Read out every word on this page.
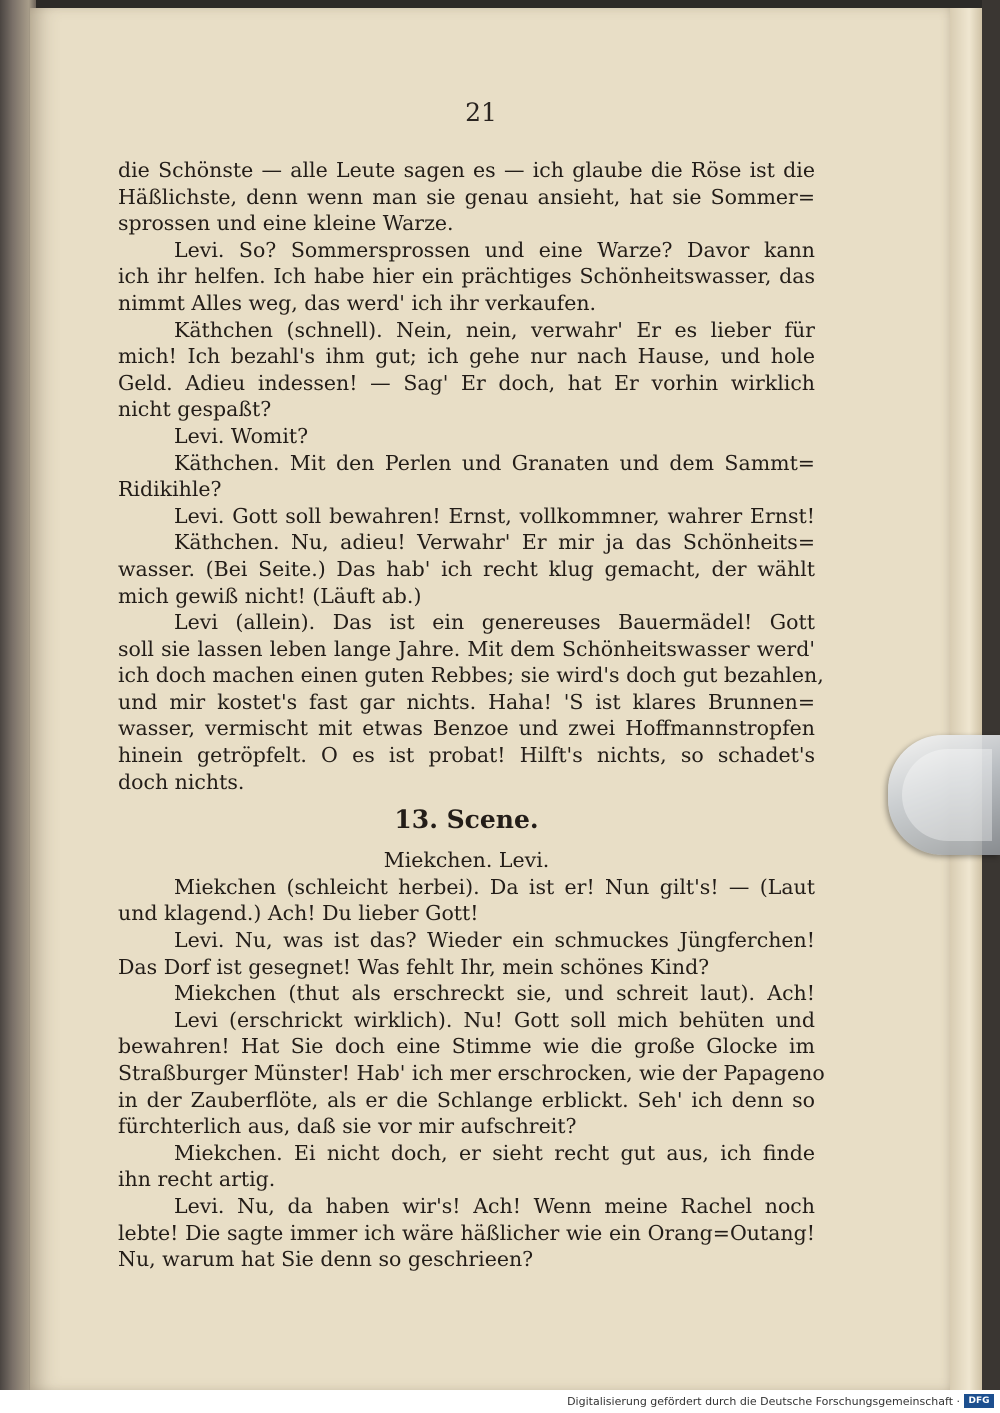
21
die Schönste — alle Leute sagen es — ich glaube die Röse ist die
Häßlichste, denn wenn man sie genau ansieht, hat sie Sommer=
sprossen und eine kleine Warze.
Levi. So? Sommersprossen und eine Warze? Davor kann
ich ihr helfen. Ich habe hier ein prächtiges Schönheitswasser, das
nimmt Alles weg, das werd' ich ihr verkaufen.
Käthchen (schnell). Nein, nein, verwahr' Er es lieber für
mich! Ich bezahl's ihm gut; ich gehe nur nach Hause, und hole
Geld. Adieu indessen! — Sag' Er doch, hat Er vorhin wirklich
nicht gespaßt?
Levi. Womit?
Käthchen. Mit den Perlen und Granaten und dem Sammt=
Ridikihle?
Levi. Gott soll bewahren! Ernst, vollkommner, wahrer Ernst!
Käthchen. Nu, adieu! Verwahr' Er mir ja das Schönheits=
wasser. (Bei Seite.) Das hab' ich recht klug gemacht, der wählt
mich gewiß nicht! (Läuft ab.)
Levi (allein). Das ist ein genereuses Bauermädel! Gott
soll sie lassen leben lange Jahre. Mit dem Schönheitswasser werd'
ich doch machen einen guten Rebbes; sie wird's doch gut bezahlen,
und mir kostet's fast gar nichts. Haha! 'S ist klares Brunnen=
wasser, vermischt mit etwas Benzoe und zwei Hoffmannstropfen
hinein getröpfelt. O es ist probat! Hilft's nichts, so schadet's
doch nichts.
13. Scene.
Miekchen. Levi.
Miekchen (schleicht herbei). Da ist er! Nun gilt's! — (Laut
und klagend.) Ach! Du lieber Gott!
Levi. Nu, was ist das? Wieder ein schmuckes Jüngferchen!
Das Dorf ist gesegnet! Was fehlt Ihr, mein schönes Kind?
Miekchen (thut als erschreckt sie, und schreit laut). Ach!
Levi (erschrickt wirklich). Nu! Gott soll mich behüten und
bewahren! Hat Sie doch eine Stimme wie die große Glocke im
Straßburger Münster! Hab' ich mer erschrocken, wie der Papageno
in der Zauberflöte, als er die Schlange erblickt. Seh' ich denn so
fürchterlich aus, daß sie vor mir aufschreit?
Miekchen. Ei nicht doch, er sieht recht gut aus, ich finde
ihn recht artig.
Levi. Nu, da haben wir's! Ach! Wenn meine Rachel noch
lebte! Die sagte immer ich wäre häßlicher wie ein Orang=Outang!
Nu, warum hat Sie denn so geschrieen?
Digitalisierung gefördert durch die Deutsche Forschungsgemeinschaft · DFG
